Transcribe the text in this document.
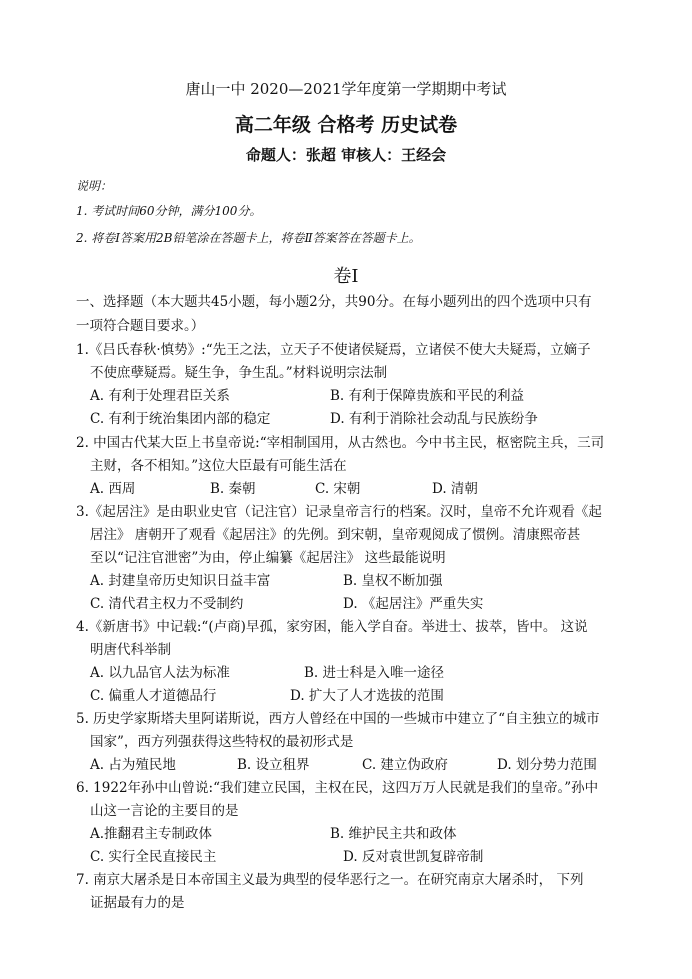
唐山一中 2020—2021学年度第一学期期中考试
高二年级 合格考 历史试卷
命题人：张超 审核人：王经会
说明：
1. 考试时间60分钟，满分100分。
2. 将卷Ⅰ答案用2B铅笔涂在答题卡上，将卷Ⅱ答案答在答题卡上。
卷Ⅰ
一、选择题（本大题共45小题，每小题2分，共90分。在每小题列出的四个选项中只有
一项符合题目要求。）
1.《吕氏春秋·慎势》:“先王之法，立天子不使诸侯疑焉，立诸侯不使大夫疑焉，立嫡子
不使庶孽疑焉。疑生争，争生乱。”材料说明宗法制
A. 有利于处理君臣关系	B. 有利于保障贵族和平民的利益
C. 有利于统治集团内部的稳定	D. 有利于消除社会动乱与民族纷争
2. 中国古代某大臣上书皇帝说:“宰相制国用，从古然也。今中书主民，枢密院主兵，三司
主财，各不相知。”这位大臣最有可能生活在
A. 西周	B. 秦朝	C. 宋朝	D. 清朝
3.《起居注》是由职业史官（记注官）记录皇帝言行的档案。汉时，皇帝不允许观看《起
居注》 唐朝开了观看《起居注》的先例。到宋朝，皇帝观阅成了惯例。清康熙帝甚
至以“记注官泄密”为由，停止编纂《起居注》 这些最能说明
A. 封建皇帝历史知识日益丰富	B. 皇权不断加强
C. 清代君主权力不受制约	D. 《起居注》严重失实
4.《新唐书》中记载:“(卢商)早孤，家穷困，能入学自奋。举进士、拔萃，皆中。 这说
明唐代科举制
A. 以九品官人法为标准	B. 进士科是入唯一途径
C. 偏重人才道德品行	D. 扩大了人才选拔的范围
5. 历史学家斯塔夫里阿诺斯说，西方人曾经在中国的一些城市中建立了“自主独立的城市
国家”，西方列强获得这些特权的最初形式是
A. 占为殖民地	B. 设立租界	C. 建立伪政府	D. 划分势力范围
6. 1922年孙中山曾说:“我们建立民国，主权在民，这四万万人民就是我们的皇帝。”孙中
山这一言论的主要目的是
A.推翻君主专制政体	B. 维护民主共和政体
C. 实行全民直接民主	D. 反对袁世凯复辟帝制
7. 南京大屠杀是日本帝国主义最为典型的侵华恶行之一。在研究南京大屠杀时， 下列
证据最有力的是
